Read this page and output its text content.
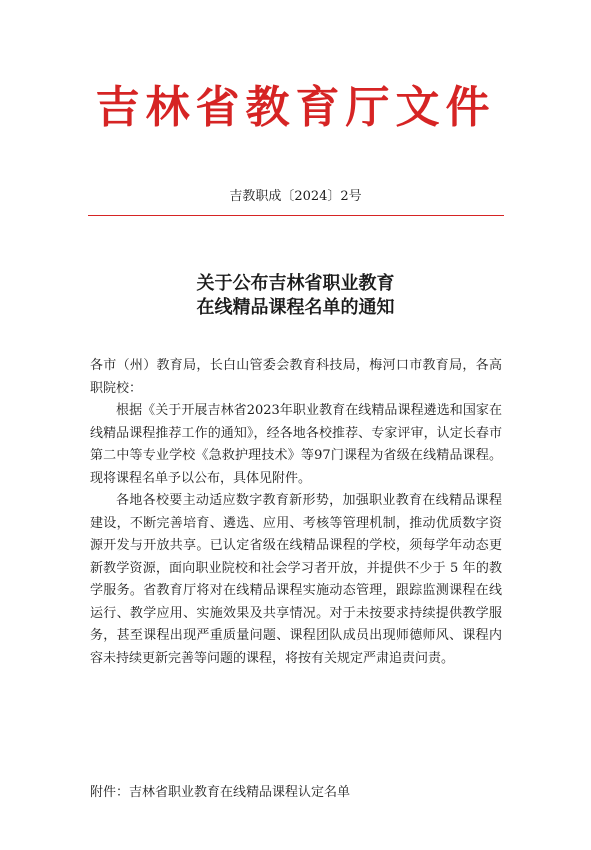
吉林省教育厅文件
吉教职成〔2024〕2号
关于公布吉林省职业教育
在线精品课程名单的通知

各市（州）教育局，长白山管委会教育科技局，梅河口市教育局，各高职院校：

根据《关于开展吉林省2023年职业教育在线精品课程遴选和国家在线精品课程推荐工作的通知》，经各地各校推荐、专家评审，认定长春市第二中等专业学校《急救护理技术》等97门课程为省级在线精品课程。现将课程名单予以公布，具体见附件。

各地各校要主动适应数字教育新形势，加强职业教育在线精品课程建设，不断完善培育、遴选、应用、考核等管理机制，推动优质数字资源开发与开放共享。已认定省级在线精品课程的学校，须每学年动态更新教学资源，面向职业院校和社会学习者开放，并提供不少于 5 年的教学服务。省教育厅将对在线精品课程实施动态管理，跟踪监测课程在线运行、教学应用、实施效果及共享情况。对于未按要求持续提供教学服务，甚至课程出现严重质量问题、课程团队成员出现师德师风、课程内容未持续更新完善等问题的课程，将按有关规定严肃追责问责。

附件：吉林省职业教育在线精品课程认定名单
